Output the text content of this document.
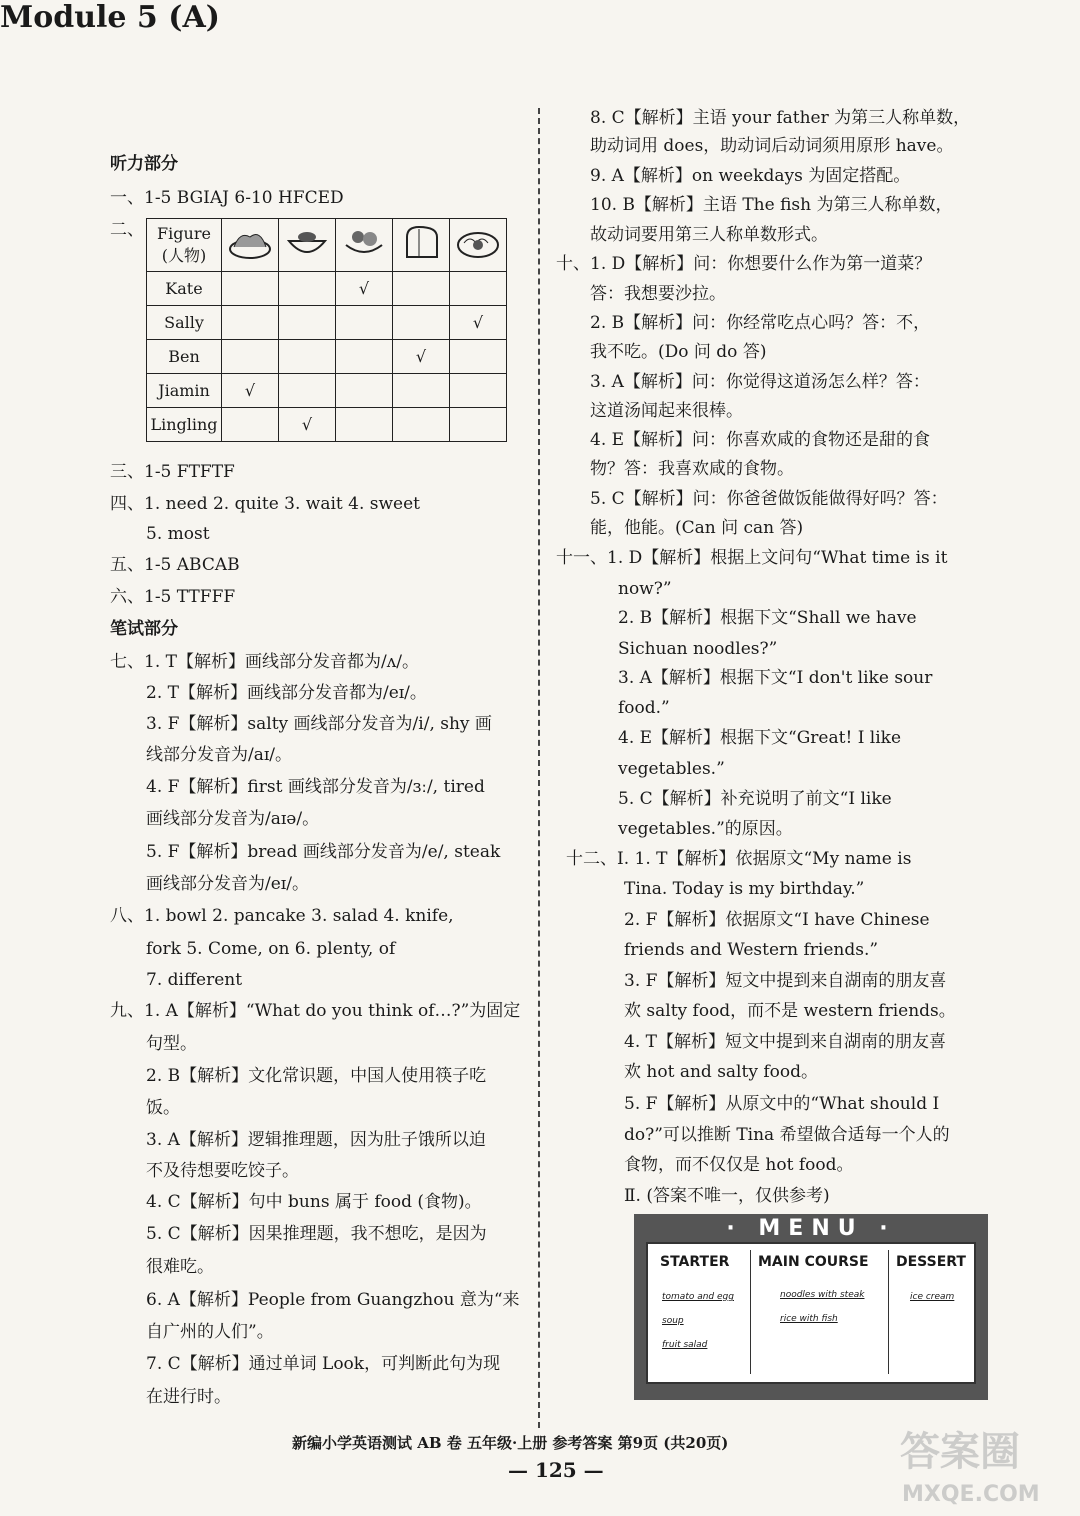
Module 5 (A)
听力部分
一、1-5 BGIAJ 6-10 HFCED
二、 Figure
(人物)

Kate			√		
Sally					√
Ben				√	
Jiamin	√				
Lingling		√			
三、1-5 FTFTF
四、1. need 2. quite 3. wait 4. sweet
5. most
五、1-5 ABCAB
六、1-5 TTFFF
笔试部分
七、1. T【解析】画线部分发音都为/ʌ/。
2. T【解析】画线部分发音都为/eɪ/。
3. F【解析】salty 画线部分发音为/i/, shy 画
线部分发音为/aɪ/。
4. F【解析】first 画线部分发音为/ɜː/, tired
画线部分发音为/aɪə/。
5. F【解析】bread 画线部分发音为/e/, steak
画线部分发音为/eɪ/。
八、1. bowl 2. pancake 3. salad 4. knife,
fork 5. Come, on 6. plenty, of
7. different
九、1. A【解析】“What do you think of…?”为固定
句型。
2. B【解析】文化常识题，中国人使用筷子吃
饭。
3. A【解析】逻辑推理题，因为肚子饿所以迫
不及待想要吃饺子。
4. C【解析】句中 buns 属于 food (食物)。
5. C【解析】因果推理题，我不想吃，是因为
很难吃。
6. A【解析】People from Guangzhou 意为“来
自广州的人们”。
7. C【解析】通过单词 Look，可判断此句为现
在进行时。
8. C【解析】主语 your father 为第三人称单数，
助动词用 does，助动词后动词须用原形 have。
9. A【解析】on weekdays 为固定搭配。
10. B【解析】主语 The fish 为第三人称单数，
故动词要用第三人称单数形式。
十、1. D【解析】问：你想要什么作为第一道菜？
答：我想要沙拉。
2. B【解析】问：你经常吃点心吗？答：不，
我不吃。(Do 问 do 答)
3. A【解析】问：你觉得这道汤怎么样？答：
这道汤闻起来很棒。
4. E【解析】问：你喜欢咸的食物还是甜的食
物？答：我喜欢咸的食物。
5. C【解析】问：你爸爸做饭能做得好吗？答：
能，他能。(Can 问 can 答)
十一、1. D【解析】根据上文问句“What time is it
now?”
2. B【解析】根据下文“Shall we have
Sichuan noodles?”
3. A【解析】根据下文“I don't like sour
food.”
4. E【解析】根据下文“Great! I like
vegetables.”
5. C【解析】补充说明了前文“I like
vegetables.”的原因。
十二、Ⅰ. 1. T【解析】依据原文“My name is
Tina. Today is my birthday.”
2. F【解析】依据原文“I have Chinese
friends and Western friends.”
3. F【解析】短文中提到来自湖南的朋友喜
欢 salty food，而不是 western friends。
4. T【解析】短文中提到来自湖南的朋友喜
欢 hot and salty food。
5. F【解析】从原文中的“What should I
do?”可以推断 Tina 希望做合适每一个人的
食物，而不仅仅是 hot food。
Ⅱ. (答案不唯一，仅供参考)
· MENU ·
STARTER MAIN COURSE DESSERT
tomato and egg
soup
fruit salad
noodles with steak
rice with fish
ice cream
新编小学英语测试 AB 卷 五年级·上册 参考答案 第9页 (共20页)
— 125 —	答案圈
MXQE.COM
